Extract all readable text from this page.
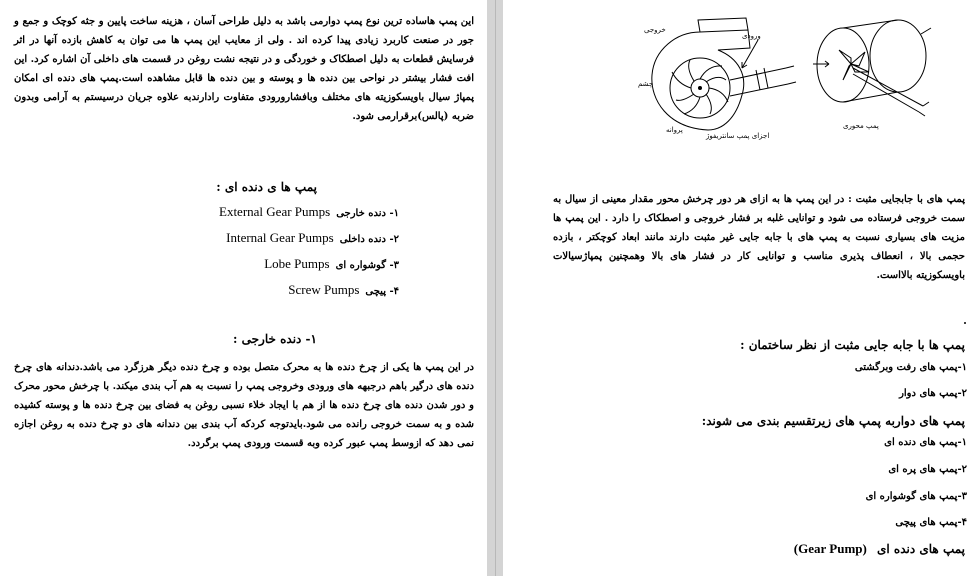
این پمپ هاساده ترین نوع پمپ دوارمی باشد به دلیل طراحی آسان ، هزینه ساخت پایین و جثه کوچک و جمع و جور در صنعت کاربرد زیادی پیدا کرده اند . ولی از معایب این پمپ ها می توان به کاهش بازده آنها در اثر فرسایش قطعات به دلیل اصطکاک و خوردگی و در نتیجه نشت روغن در قسمت های داخلی آن اشاره کرد. این افت فشار بیشتر در نواحی بین دنده ها و پوسته و بین دنده ها قابل مشاهده است.پمپ های دنده ای امکان پمپاژ سیال باویسکوزیته های مختلف وبافشارورودی متفاوت رادارندبه علاوه جریان درسیستم به آرامی وبدون ضربه (پالس)برقرارمی شود.
پمپ ها ی دنده ای :
۱- دنده خارجیExternal Gear Pumps
۲- دنده داخلیInternal Gear Pumps
۳- گوشواره ایLobe Pumps
۴- پیچیScrew Pumps
۱- دنده خارجی :
در این پمپ ها یکی از چرخ دنده ها به محرک متصل بوده و چرخ دنده دیگر هرزگرد می باشد.دندانه های چرخ دنده های درگیر باهم درجبهه های ورودی وخروجی پمپ را نسبت به هم آب بندی میکند. با چرخش محور محرک و دور شدن دنده های چرخ دنده ها از هم با ایجاد خلاء نسبی روغن به فضای بین چرخ دنده ها و پوسته کشیده شده و به سمت خروجی رانده می شود.بایدتوجه کردکه آب بندی بین دندانه های دو چرخ دنده به روغن اجازه نمی دهد که ازوسط پمپ عبور کرده وبه قسمت ورودی پمپ برگردد.
خروجی
ورودی
چشم
پروانه
اجزای پمپ سانتریفوژ
پمپ محوری
پمپ های با جابجایی مثبت : در این پمپ ها به ازای هر دور چرخش محور مقدار معینی از سیال به سمت خروجی فرستاده می شود و توانایی غلبه بر فشار خروجی و اصطکاک را دارد . این پمپ ها مزیت های بسیاری نسبت به پمپ های با جابه جایی غیر مثبت دارند مانند ابعاد کوچکتر ، بازده حجمی بالا ، انعطاف پذیری مناسب و توانایی کار در فشار های بالا وهمچنین پمپاژسیالات باویسکوزیته بالااست.
پمپ ها با جابه جایی مثبت از نظر ساختمان :
۱-پمپ های رفت وبرگشتی
۲-پمپ های دوار
پمپ های دواربه پمپ های زیرتقسیم بندی می شوند:
۱-پمپ های دنده ای
۲-پمپ های پره ای
۳-پمپ های گوشواره ای
۴-پمپ های پیچی
پمپ های دنده ای (Gear Pump)
